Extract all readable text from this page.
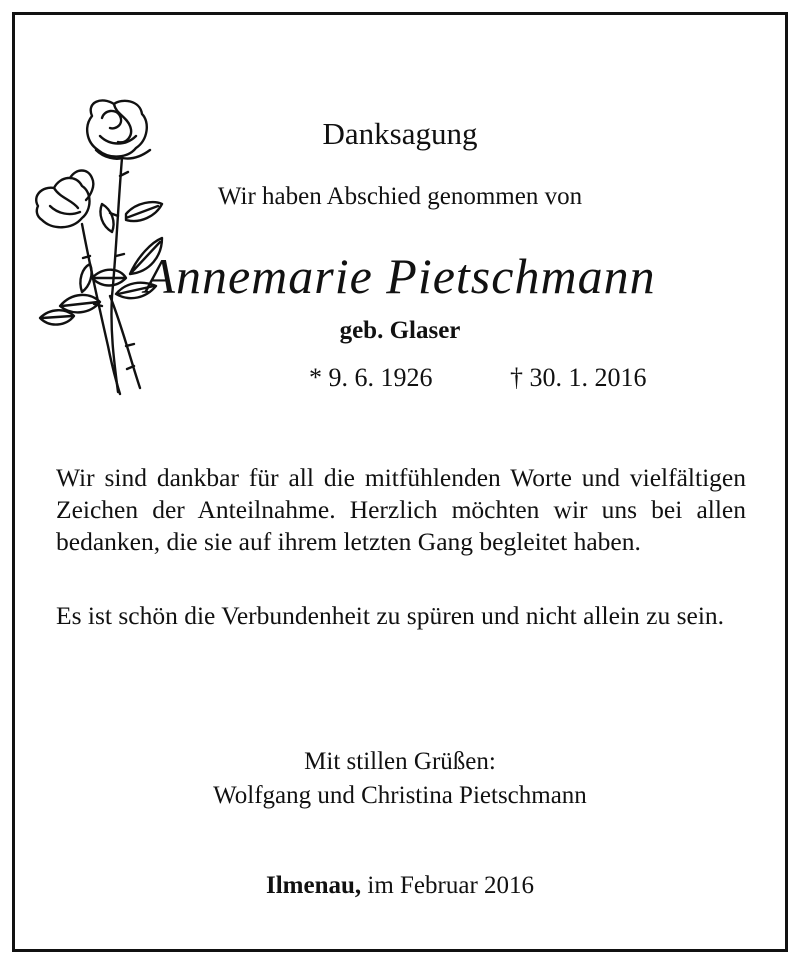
Danksagung
Wir haben Abschied genommen von
Annemarie Pietschmann
geb. Glaser
* 9. 6. 1926	† 30. 1. 2016
Wir sind dankbar für all die mitfühlenden Worte und vielfältigen Zeichen der Anteilnahme. Herzlich möchten wir uns bei allen bedanken, die sie auf ihrem letzten Gang begleitet haben.
Es ist schön die Verbundenheit zu spüren und nicht allein zu sein.
Mit stillen Grüßen:
Wolfgang und Christina Pietschmann
Ilmenau, im Februar 2016
